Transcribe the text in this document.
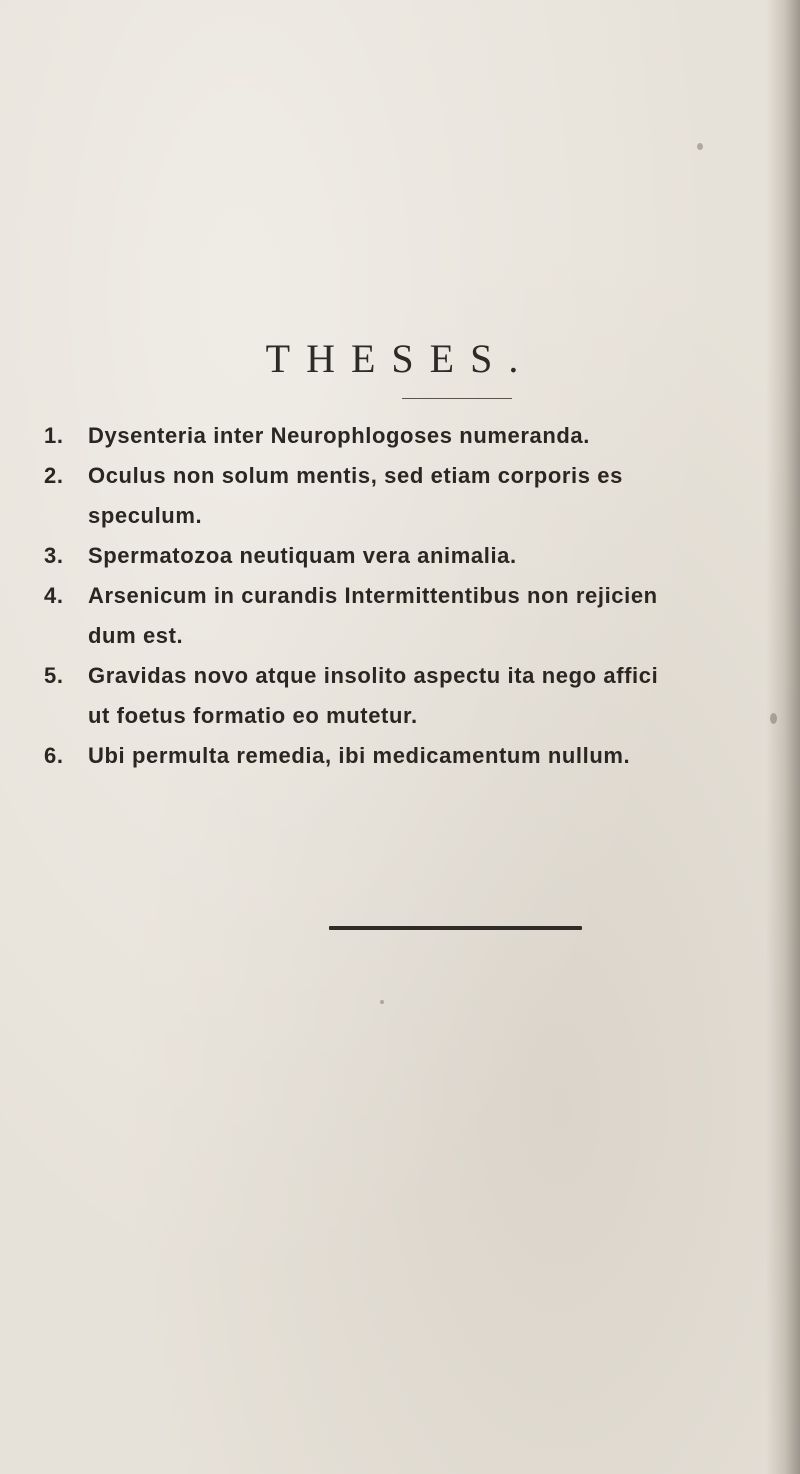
THESES.
1.	Dysenteria inter Neurophlogoses numeranda.
2.	Oculus non solum mentis, sed etiam corporis es
speculum.
3.	Spermatozoa neutiquam vera animalia.
4.	Arsenicum in curandis Intermittentibus non rejicien
dum est.
5.	Gravidas novo atque insolito aspectu ita nego affici
ut foetus formatio eo mutetur.
6.	Ubi permulta remedia, ibi medicamentum nullum.
